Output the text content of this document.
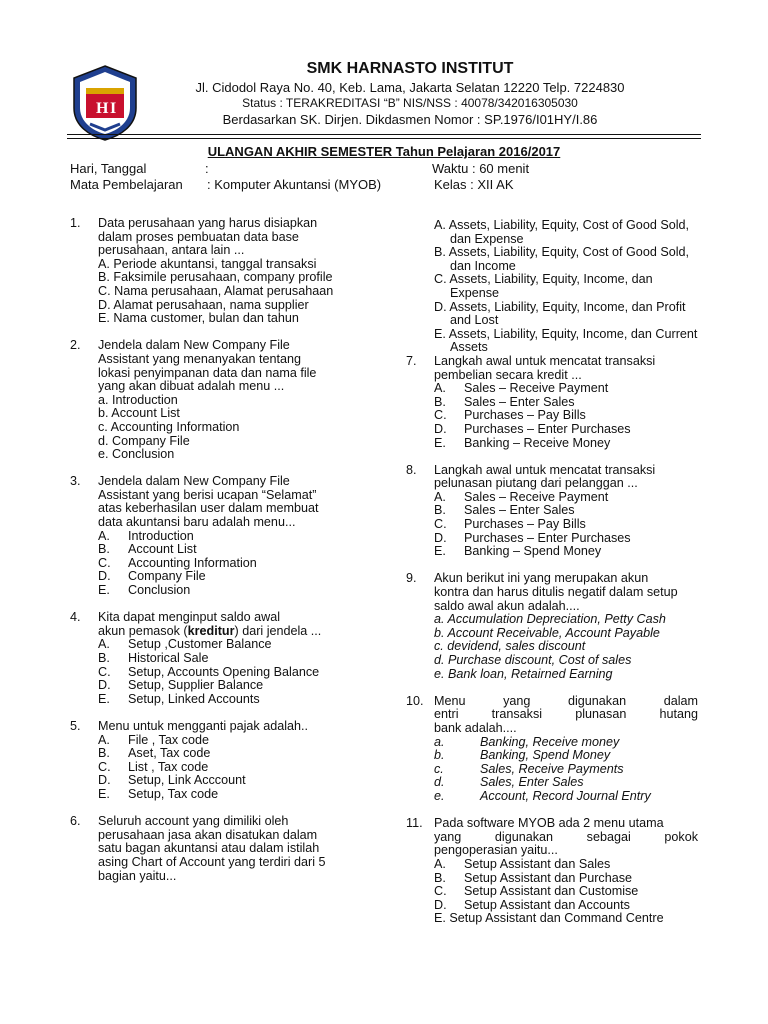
H I
SMK HARNASTO INSTITUT
Jl. Cidodol Raya No. 40, Keb. Lama, Jakarta Selatan 12220 Telp. 7224830
Status : TERAKREDITASI “B” NIS/NSS : 40078/342016305030
Berdasarkan SK. Dirjen. Dikdasmen Nomor : SP.1976/I01HY/I.86
ULANGAN AKHIR SEMESTER Tahun Pelajaran 2016/2017
Hari, Tanggal	:	Waktu : 60 menit
Mata Pembelajaran : Komputer Akuntansi (MYOB)	Kelas : XII AK
1. Data perusahaan yang harus disiapkan
dalam proses pembuatan data base
perusahaan, antara lain ...
A. Periode akuntansi, tanggal transaksi
B. Faksimile perusahaan, company profile
C. Nama perusahaan, Alamat perusahaan
D. Alamat perusahaan, nama supplier
E. Nama customer, bulan dan tahun
2. Jendela dalam New Company File
Assistant yang menanyakan tentang
lokasi penyimpanan data dan nama file
yang akan dibuat adalah menu ...
a. Introduction
b. Account List
c. Accounting Information
d. Company File
e. Conclusion
3. Jendela dalam New Company File
Assistant yang berisi ucapan “Selamat”
atas keberhasilan user dalam membuat
data akuntansi baru adalah menu...
A. Introduction
B. Account List
C. Accounting Information
D. Company File
E. Conclusion
4. Kita dapat menginput saldo awal
akun pemasok (kreditur) dari jendela ...
A. Setup ,Customer Balance
B. Historical Sale
C. Setup, Accounts Opening Balance
D. Setup, Supplier Balance
E. Setup, Linked Accounts
5. Menu untuk mengganti pajak adalah..
A. File , Tax code
B. Aset, Tax code
C. List , Tax code
D. Setup, Link Acccount
E. Setup, Tax code
6. Seluruh account yang dimiliki oleh
perusahaan jasa akan disatukan dalam
satu bagan akuntansi atau dalam istilah
asing Chart of Account yang terdiri dari 5
bagian yaitu...
A. Assets, Liability, Equity, Cost of Good Sold, dan Expense
B. Assets, Liability, Equity, Cost of Good Sold, dan Income
C. Assets, Liability, Equity, Income, dan Expense
D. Assets, Liability, Equity, Income, dan Profit and Lost
E. Assets, Liability, Equity, Income, dan Current Assets
7. Langkah awal untuk mencatat transaksi
pembelian secara kredit ...
A. Sales – Receive Payment
B. Sales – Enter Sales
C. Purchases – Pay Bills
D. Purchases – Enter Purchases
E. Banking – Receive Money
8. Langkah awal untuk mencatat transaksi
pelunasan piutang dari pelanggan ...
A. Sales – Receive Payment
B. Sales – Enter Sales
C. Purchases – Pay Bills
D. Purchases – Enter Purchases
E. Banking – Spend Money
9. Akun berikut ini yang merupakan akun
kontra dan harus ditulis negatif dalam setup
saldo awal akun adalah....
a. Accumulation Depreciation, Petty Cash
b. Account Receivable, Account Payable
c. devidend, sales discount
d. Purchase discount, Cost of sales
e. Bank loan, Retairned Earning
10. Menu yang digunakan dalam
entri transaksi plunasan hutang
bank adalah....
a.	Banking, Receive money
b.	Banking, Spend Money
c.	Sales, Receive Payments
d.	Sales, Enter Sales
e.	Account, Record Journal Entry
11. Pada software MYOB ada 2 menu utama
yang digunakan sebagai pokok
pengoperasian yaitu...
A. Setup Assistant dan Sales
B. Setup Assistant dan Purchase
C. Setup Assistant dan Customise
D. Setup Assistant dan Accounts
E. Setup Assistant dan Command Centre
